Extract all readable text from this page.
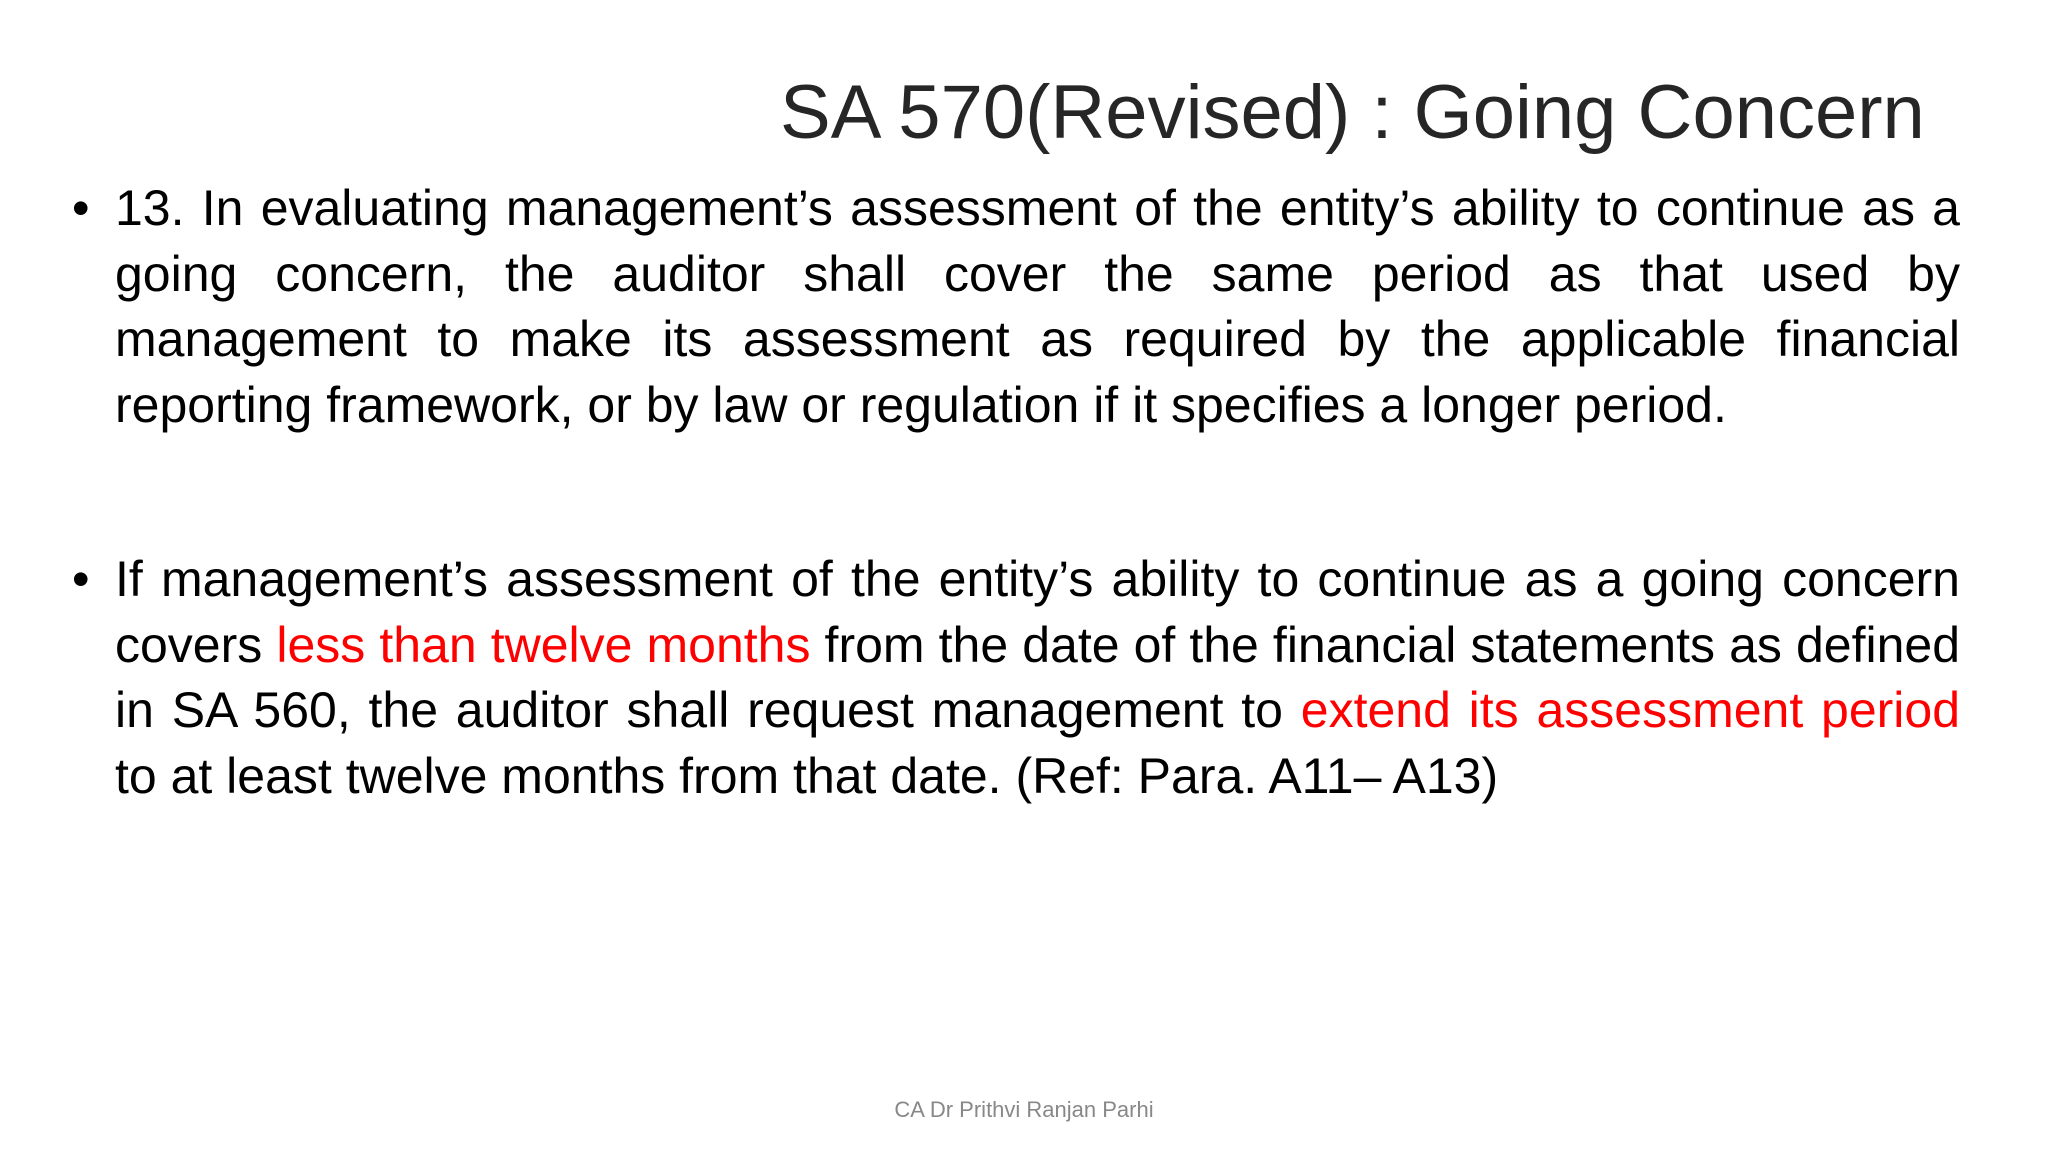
SA 570(Revised) : Going Concern
• 13. In evaluating management’s assessment of the entity’s ability to continue as a going concern, the auditor shall cover the same period as that used by management to make its assessment as required by the applicable financial reporting framework, or by law or regulation if it specifies a longer period.
• If management’s assessment of the entity’s ability to continue as a going concern covers less than twelve months from the date of the financial statements as defined in SA 560, the auditor shall request management to extend its assessment period to at least twelve months from that date. (Ref: Para. A11– A13)
CA Dr Prithvi Ranjan Parhi
